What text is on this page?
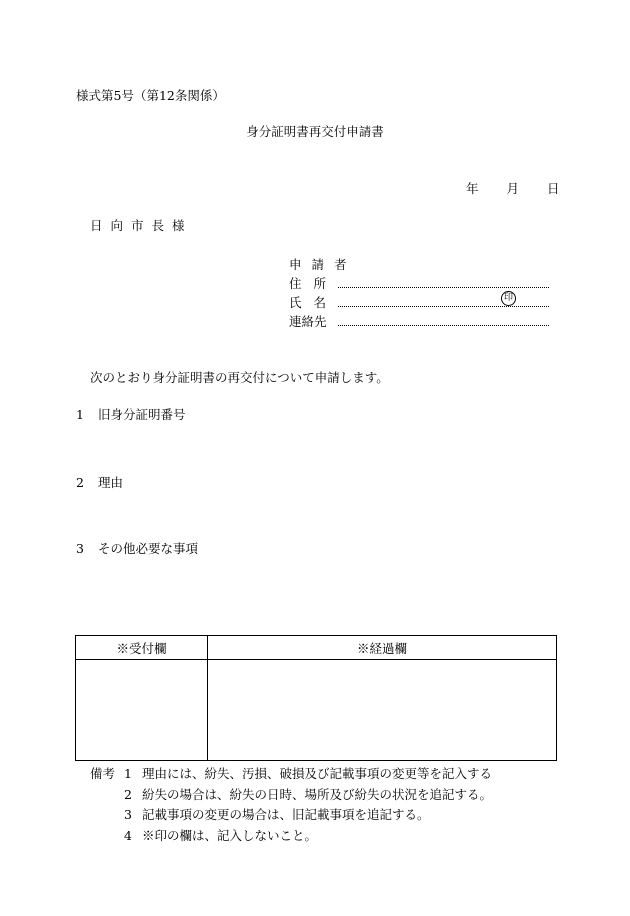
様式第5号（第12条関係）
身分証明書再交付申請書
年 月 日
日向市長様
申請者
住所
氏名	印
連絡先
次のとおり身分証明書の再交付について申請します。
1 旧身分証明番号
2 理由
3 その他必要な事項
※受付欄	※経過欄

備考 1 理由には、紛失、汚損、破損及び記載事項の変更等を記入する
2 紛失の場合は、紛失の日時、場所及び紛失の状況を追記する。
3 記載事項の変更の場合は、旧記載事項を追記する。
4 ※印の欄は、記入しないこと。
